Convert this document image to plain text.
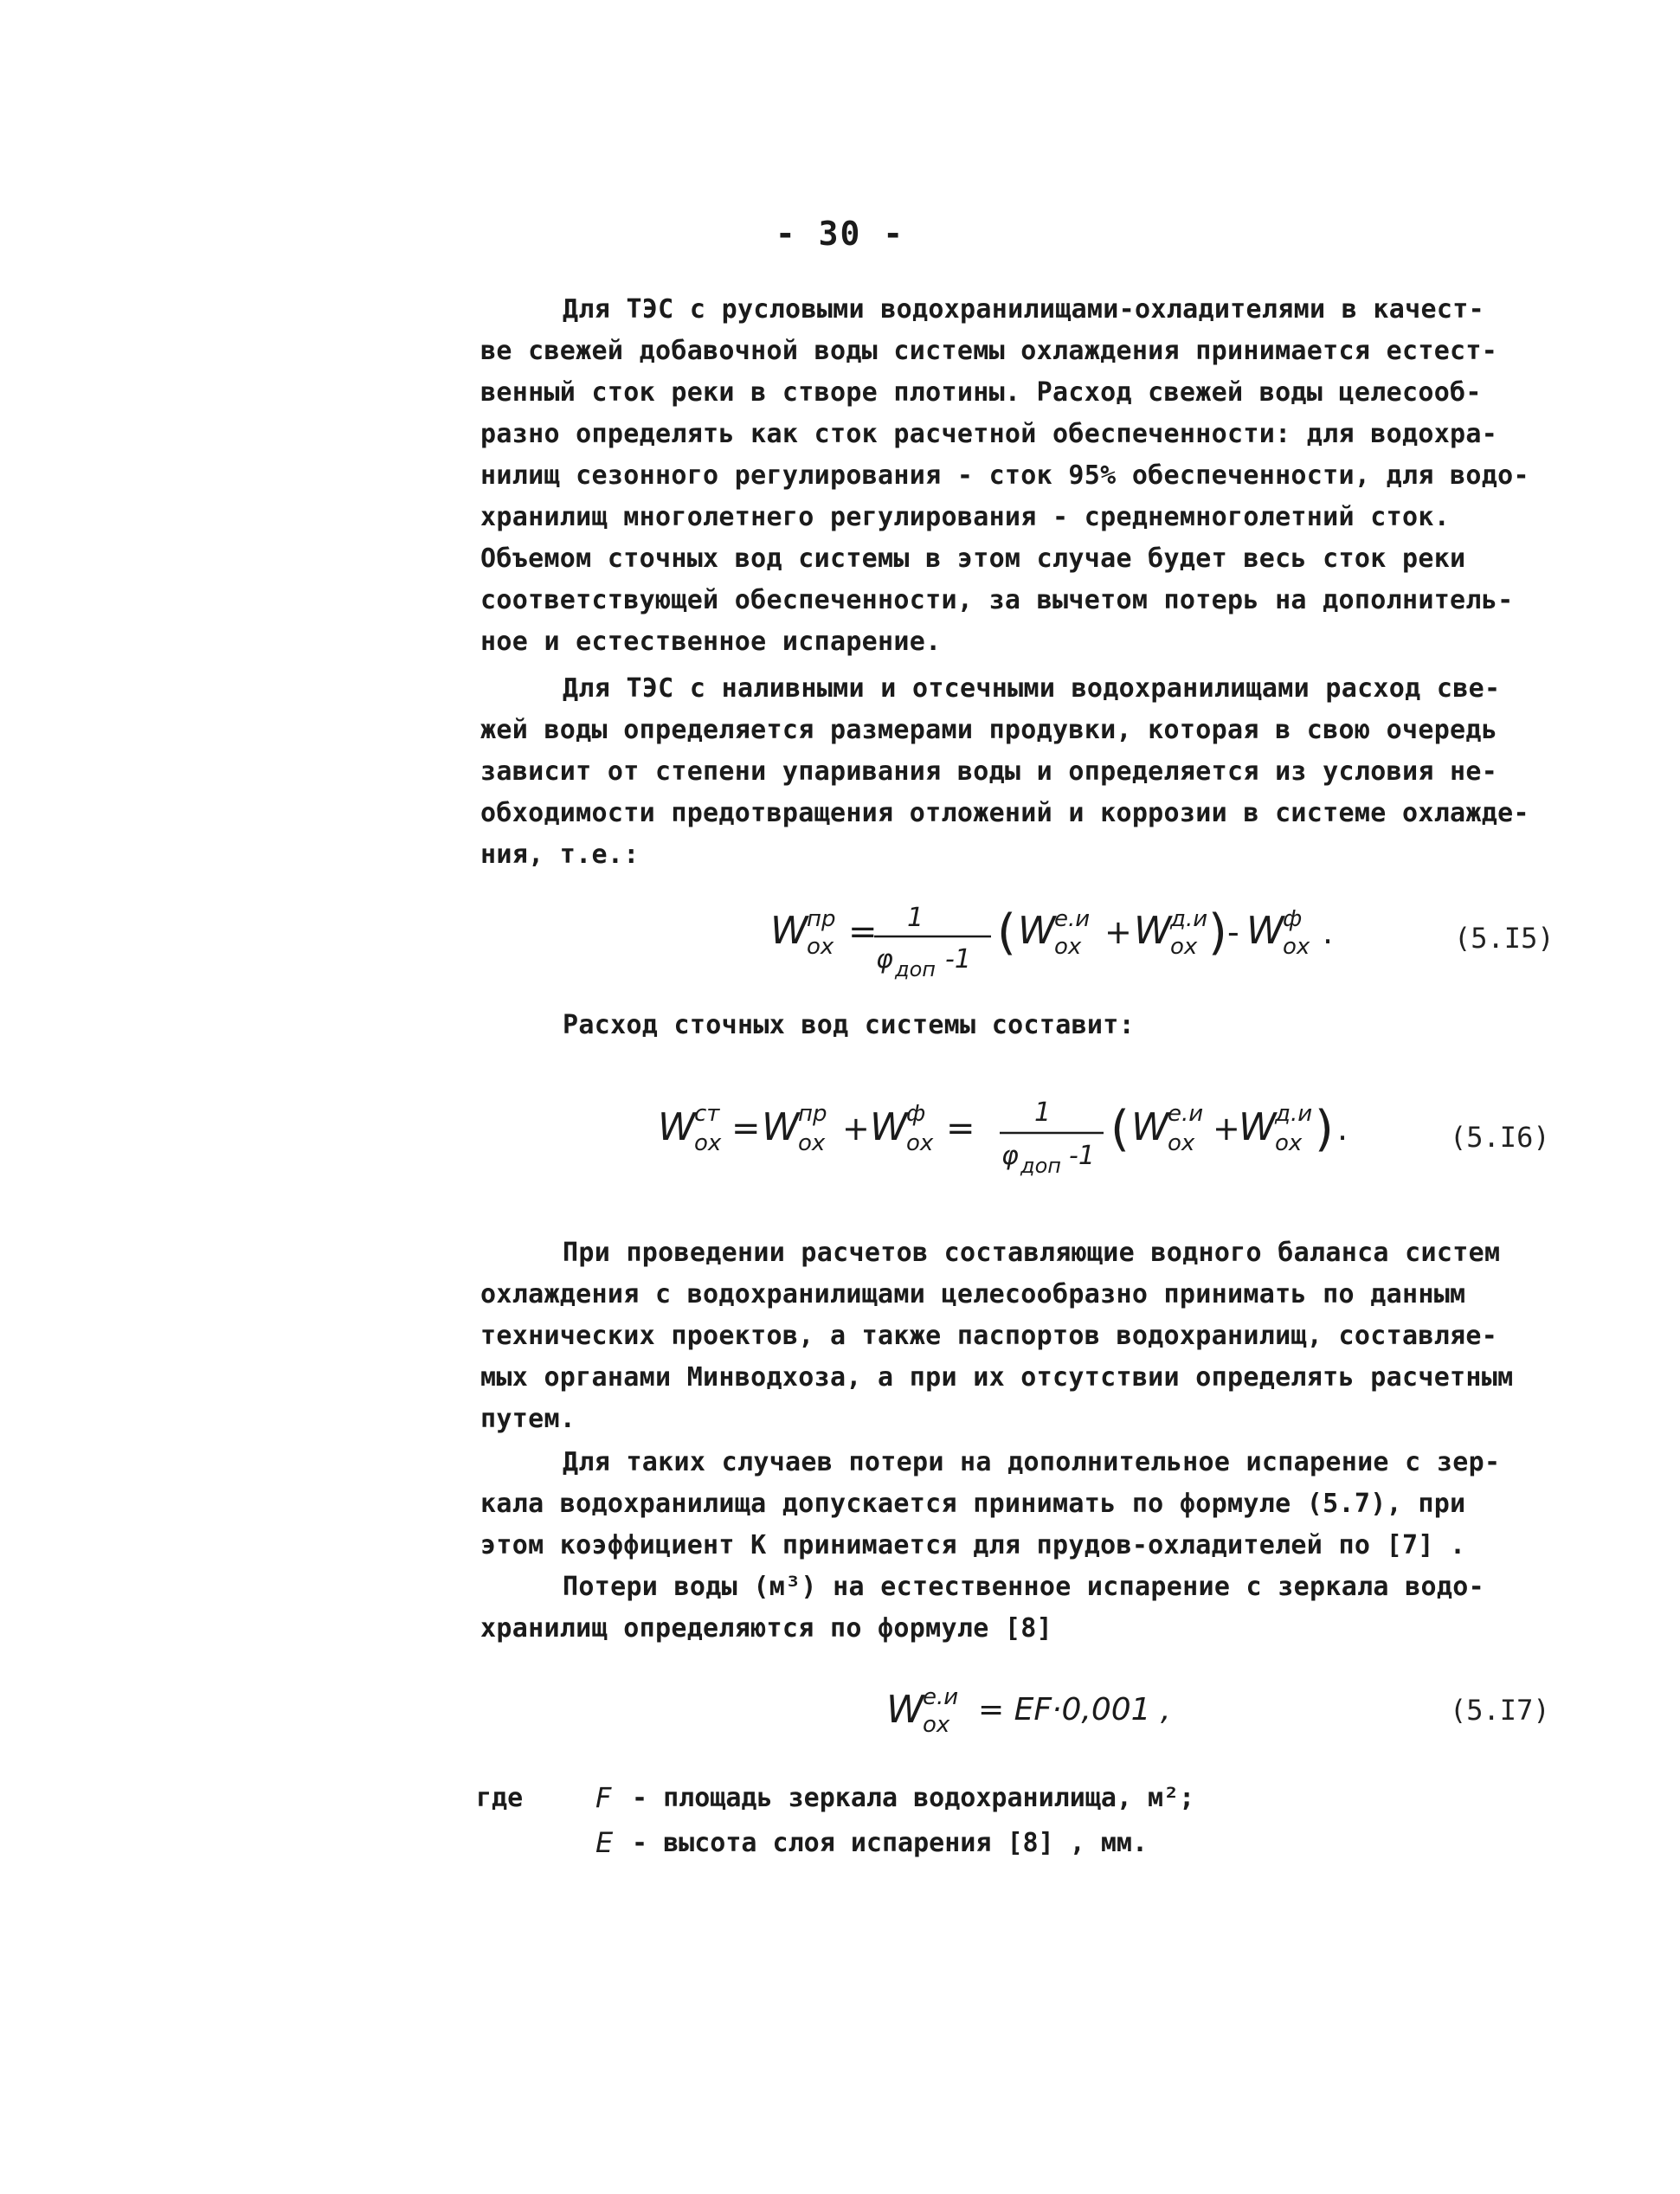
- 30 -
Для ТЭС с русловыми водохранилищами-охладителями в качест-
ве свежей добавочной воды системы охлаждения принимается естест-
венный сток реки в створе плотины. Расход свежей воды целесооб-
разно определять как сток расчетной обеспеченности: для водохра-
нилищ сезонного регулирования - сток 95% обеспеченности, для водо-
хранилищ многолетнего регулирования - среднемноголетний сток.
Объемом сточных вод системы в этом случае будет весь сток реки
соответствующей обеспеченности, за вычетом потерь на дополнитель-
ное и естественное испарение.
Для ТЭС с наливными и отсечными водохранилищами расход све-
жей воды определяется размерами продувки, которая в свою очередь
зависит от степени упаривания воды и определяется из условия не-
обходимости предотвращения отложений и коррозии в системе охлажде-
ния, т.е.:
W
пр
ох = 1
φ доп -1 ( W
е.и
ох + W
д.и
ох ) - W
ф
ох .	(5.I5)
Расход сточных вод системы составит:
W
ст
ох = W
пр
ох + W
ф
ох = 1
φ доп -1 ( W
е.и
ох +
W
д.и
ох ) .	(5.I6)
При проведении расчетов составляющие водного баланса систем
охлаждения с водохранилищами целесообразно принимать по данным
технических проектов, а также паспортов водохранилищ, составляе-
мых органами Минводхоза, а при их отсутствии определять расчетным
путем.
Для таких случаев потери на дополнительное испарение с зер-
кала водохранилища допускается принимать по формуле (5.7), при
этом коэффициент K принимается для прудов-охладителей по [7] .
Потери воды (м³) на естественное испарение с зеркала водо-
хранилищ определяются по формуле [8]
W
е.и
ох = EF·0,001 ,	(5.I7)
где	F - площадь зеркала водохранилища, м²;
E - высота слоя испарения [8] , мм.
